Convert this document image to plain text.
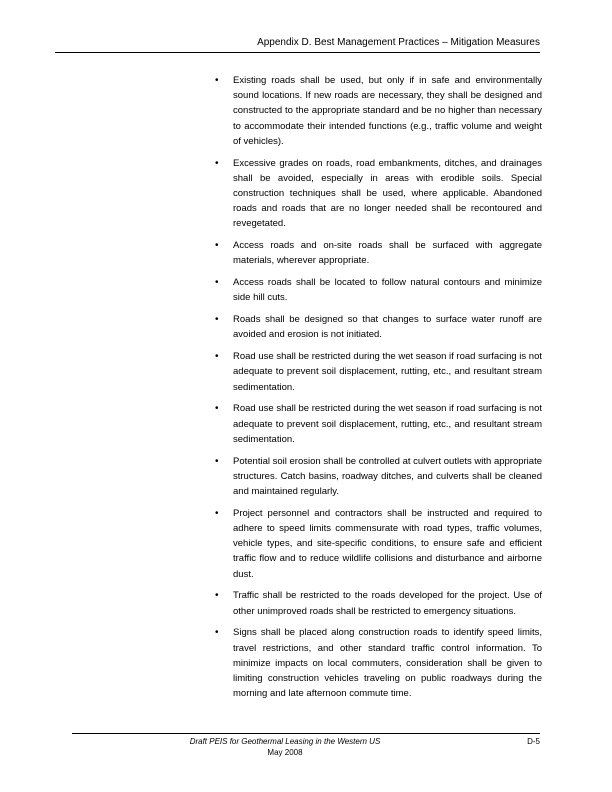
Appendix D. Best Management Practices – Mitigation Measures
• Existing roads shall be used, but only if in safe and environmentally sound locations. If new roads are necessary, they shall be designed and constructed to the appropriate standard and be no higher than necessary to accommodate their intended functions (e.g., traffic volume and weight of vehicles).
• Excessive grades on roads, road embankments, ditches, and drainages shall be avoided, especially in areas with erodible soils. Special construction techniques shall be used, where applicable. Abandoned roads and roads that are no longer needed shall be recontoured and revegetated.
• Access roads and on-site roads shall be surfaced with aggregate materials, wherever appropriate.
• Access roads shall be located to follow natural contours and minimize side hill cuts.
• Roads shall be designed so that changes to surface water runoff are avoided and erosion is not initiated.
• Road use shall be restricted during the wet season if road surfacing is not adequate to prevent soil displacement, rutting, etc., and resultant stream sedimentation.
• Road use shall be restricted during the wet season if road surfacing is not adequate to prevent soil displacement, rutting, etc., and resultant stream sedimentation.
• Potential soil erosion shall be controlled at culvert outlets with appropriate structures. Catch basins, roadway ditches, and culverts shall be cleaned and maintained regularly.
• Project personnel and contractors shall be instructed and required to adhere to speed limits commensurate with road types, traffic volumes, vehicle types, and site-specific conditions, to ensure safe and efficient traffic flow and to reduce wildlife collisions and disturbance and airborne dust.
• Traffic shall be restricted to the roads developed for the project. Use of other unimproved roads shall be restricted to emergency situations.
• Signs shall be placed along construction roads to identify speed limits, travel restrictions, and other standard traffic control information. To minimize impacts on local commuters, consideration shall be given to limiting construction vehicles traveling on public roadways during the morning and late afternoon commute time.
Draft PEIS for Geothermal Leasing in the Western US
May 2008
D-5
